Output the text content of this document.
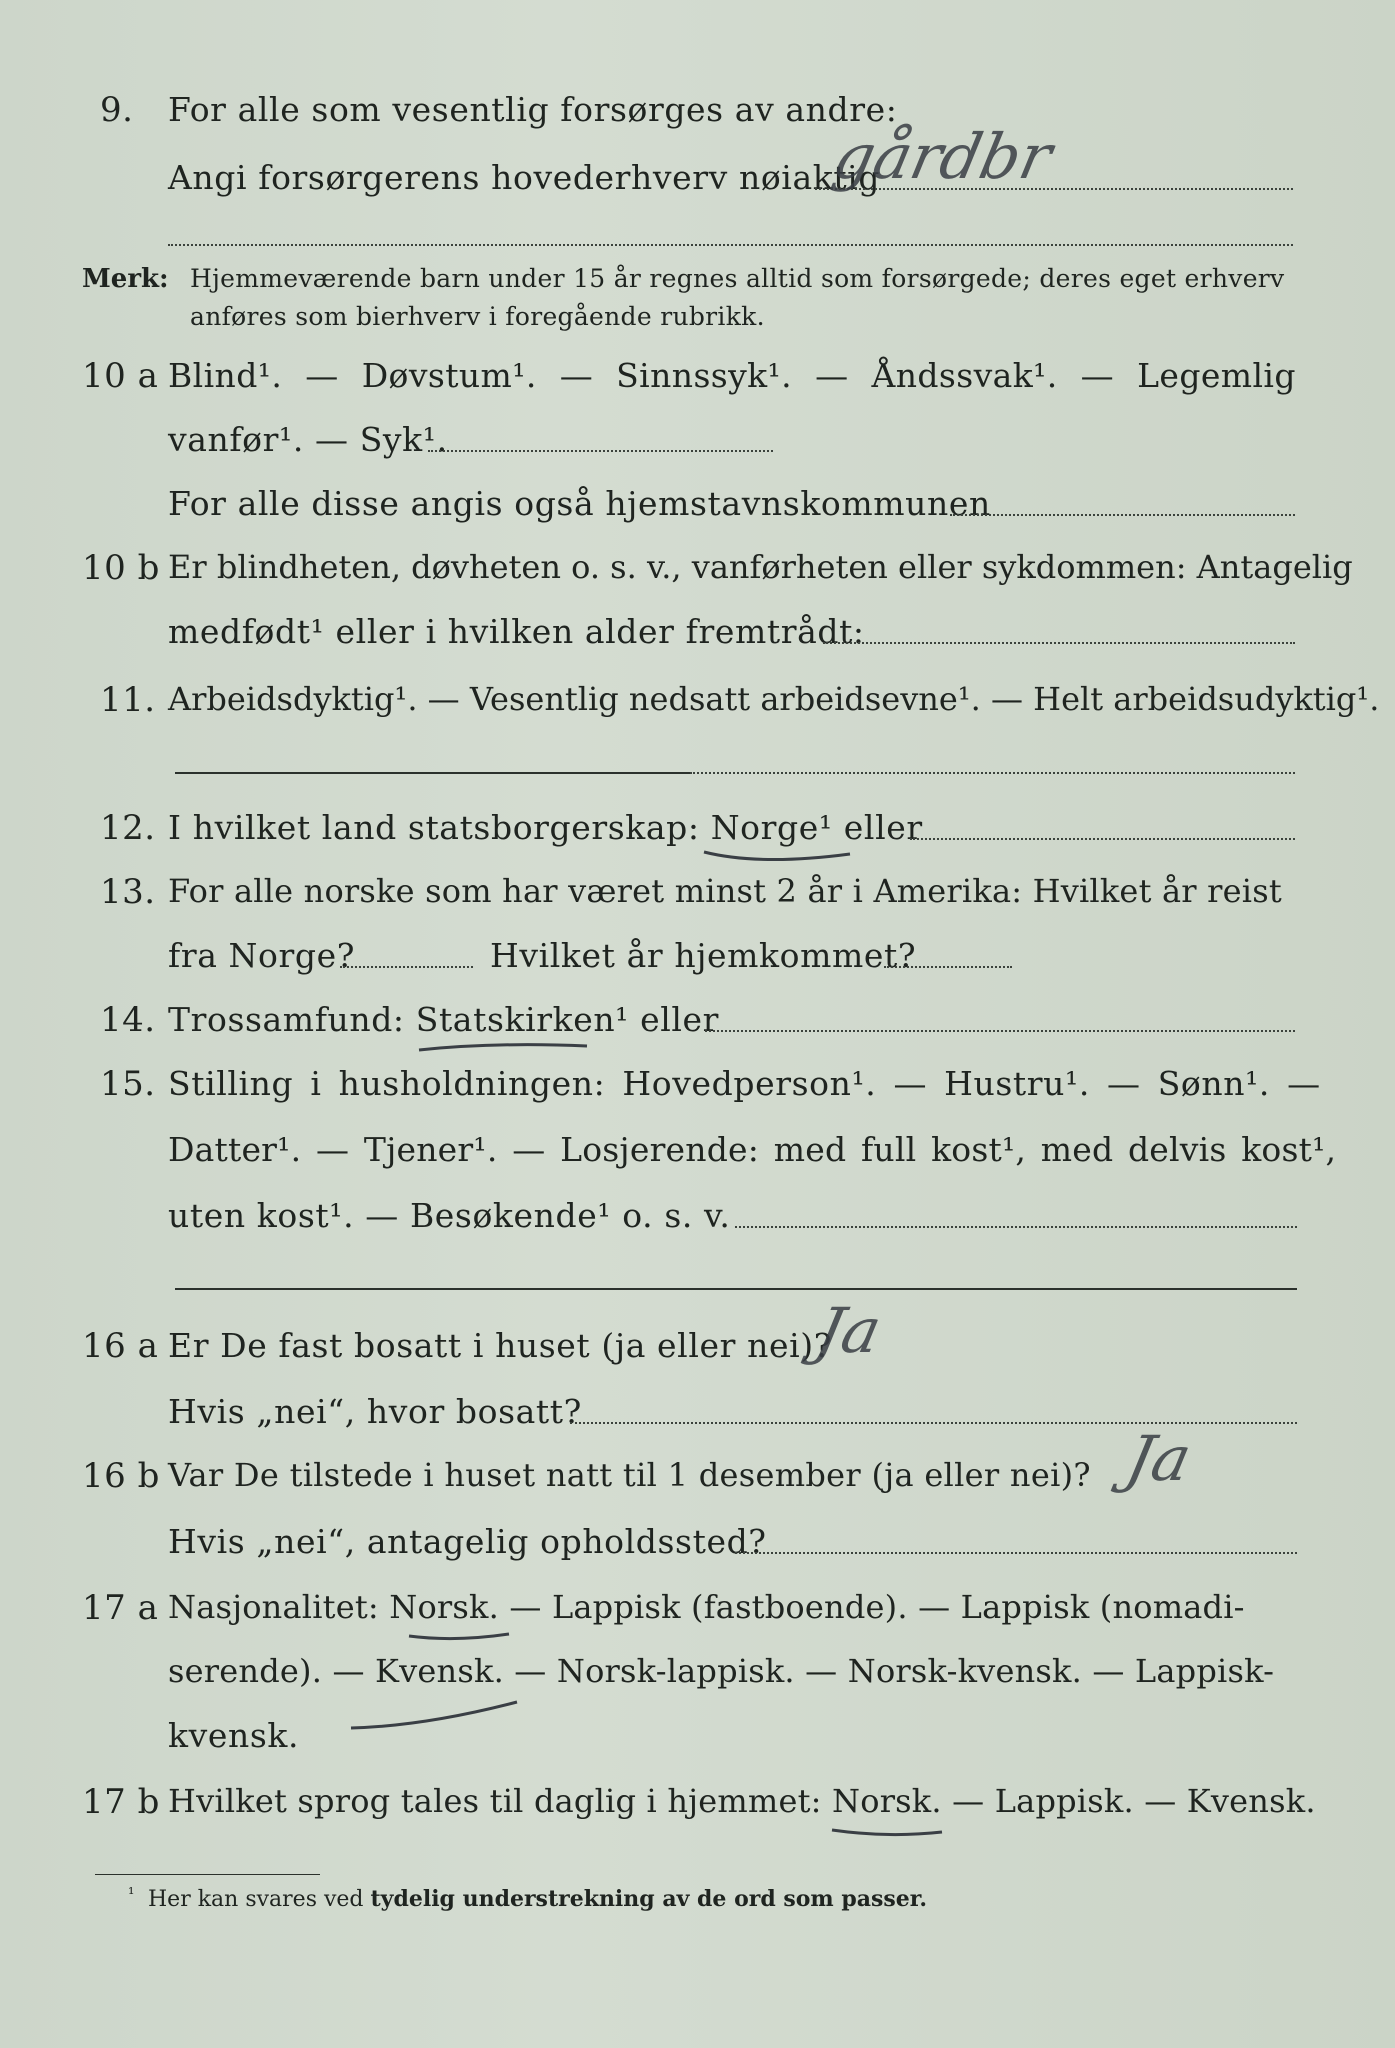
9. For alle som vesentlig forsørges av andre:
Angi forsørgerens hovederhverv nøiaktig
gårdbr
Merk: Hjemmeværende barn under 15 år regnes alltid som forsørgede; deres eget erhverv
anføres som bierhverv i foregående rubrikk.
10 a Blind¹. — Døvstum¹. — Sinnssyk¹. — Åndssvak¹. — Legemlig
vanfør¹. — Syk¹.
For alle disse angis også hjemstavnskommunen
10 b Er blindheten, døvheten o. s. v., vanførheten eller sykdommen: Antagelig
medfødt¹ eller i hvilken alder fremtrådt:
11. Arbeidsdyktig¹. — Vesentlig nedsatt arbeidsevne¹. — Helt arbeidsudyktig¹.
12. I hvilket land statsborgerskap: Norge¹ eller
13. For alle norske som har været minst 2 år i Amerika: Hvilket år reist
fra Norge?	Hvilket år hjemkommet?
14. Trossamfund: Statskirken¹ eller
15. Stilling i husholdningen: Hovedperson¹. — Hustru¹. — Sønn¹. —
Datter¹. — Tjener¹. — Losjerende: med full kost¹, med delvis kost¹,
uten kost¹. — Besøkende¹ o. s. v.
16 a Er De fast bosatt i huset (ja eller nei)?
Ja
Hvis „nei“, hvor bosatt?
16 b Var De tilstede i huset natt til 1 desember (ja eller nei)? Ja
Hvis „nei“, antagelig opholdssted?
17 a Nasjonalitet: Norsk. — Lappisk (fastboende). — Lappisk (nomadi-
serende). — Kvensk. — Norsk-lappisk. — Norsk-kvensk. — Lappisk-
kvensk.
17 b Hvilket sprog tales til daglig i hjemmet: Norsk. — Lappisk. — Kvensk.
¹ Her kan svares ved tydelig understrekning av de ord som passer.
